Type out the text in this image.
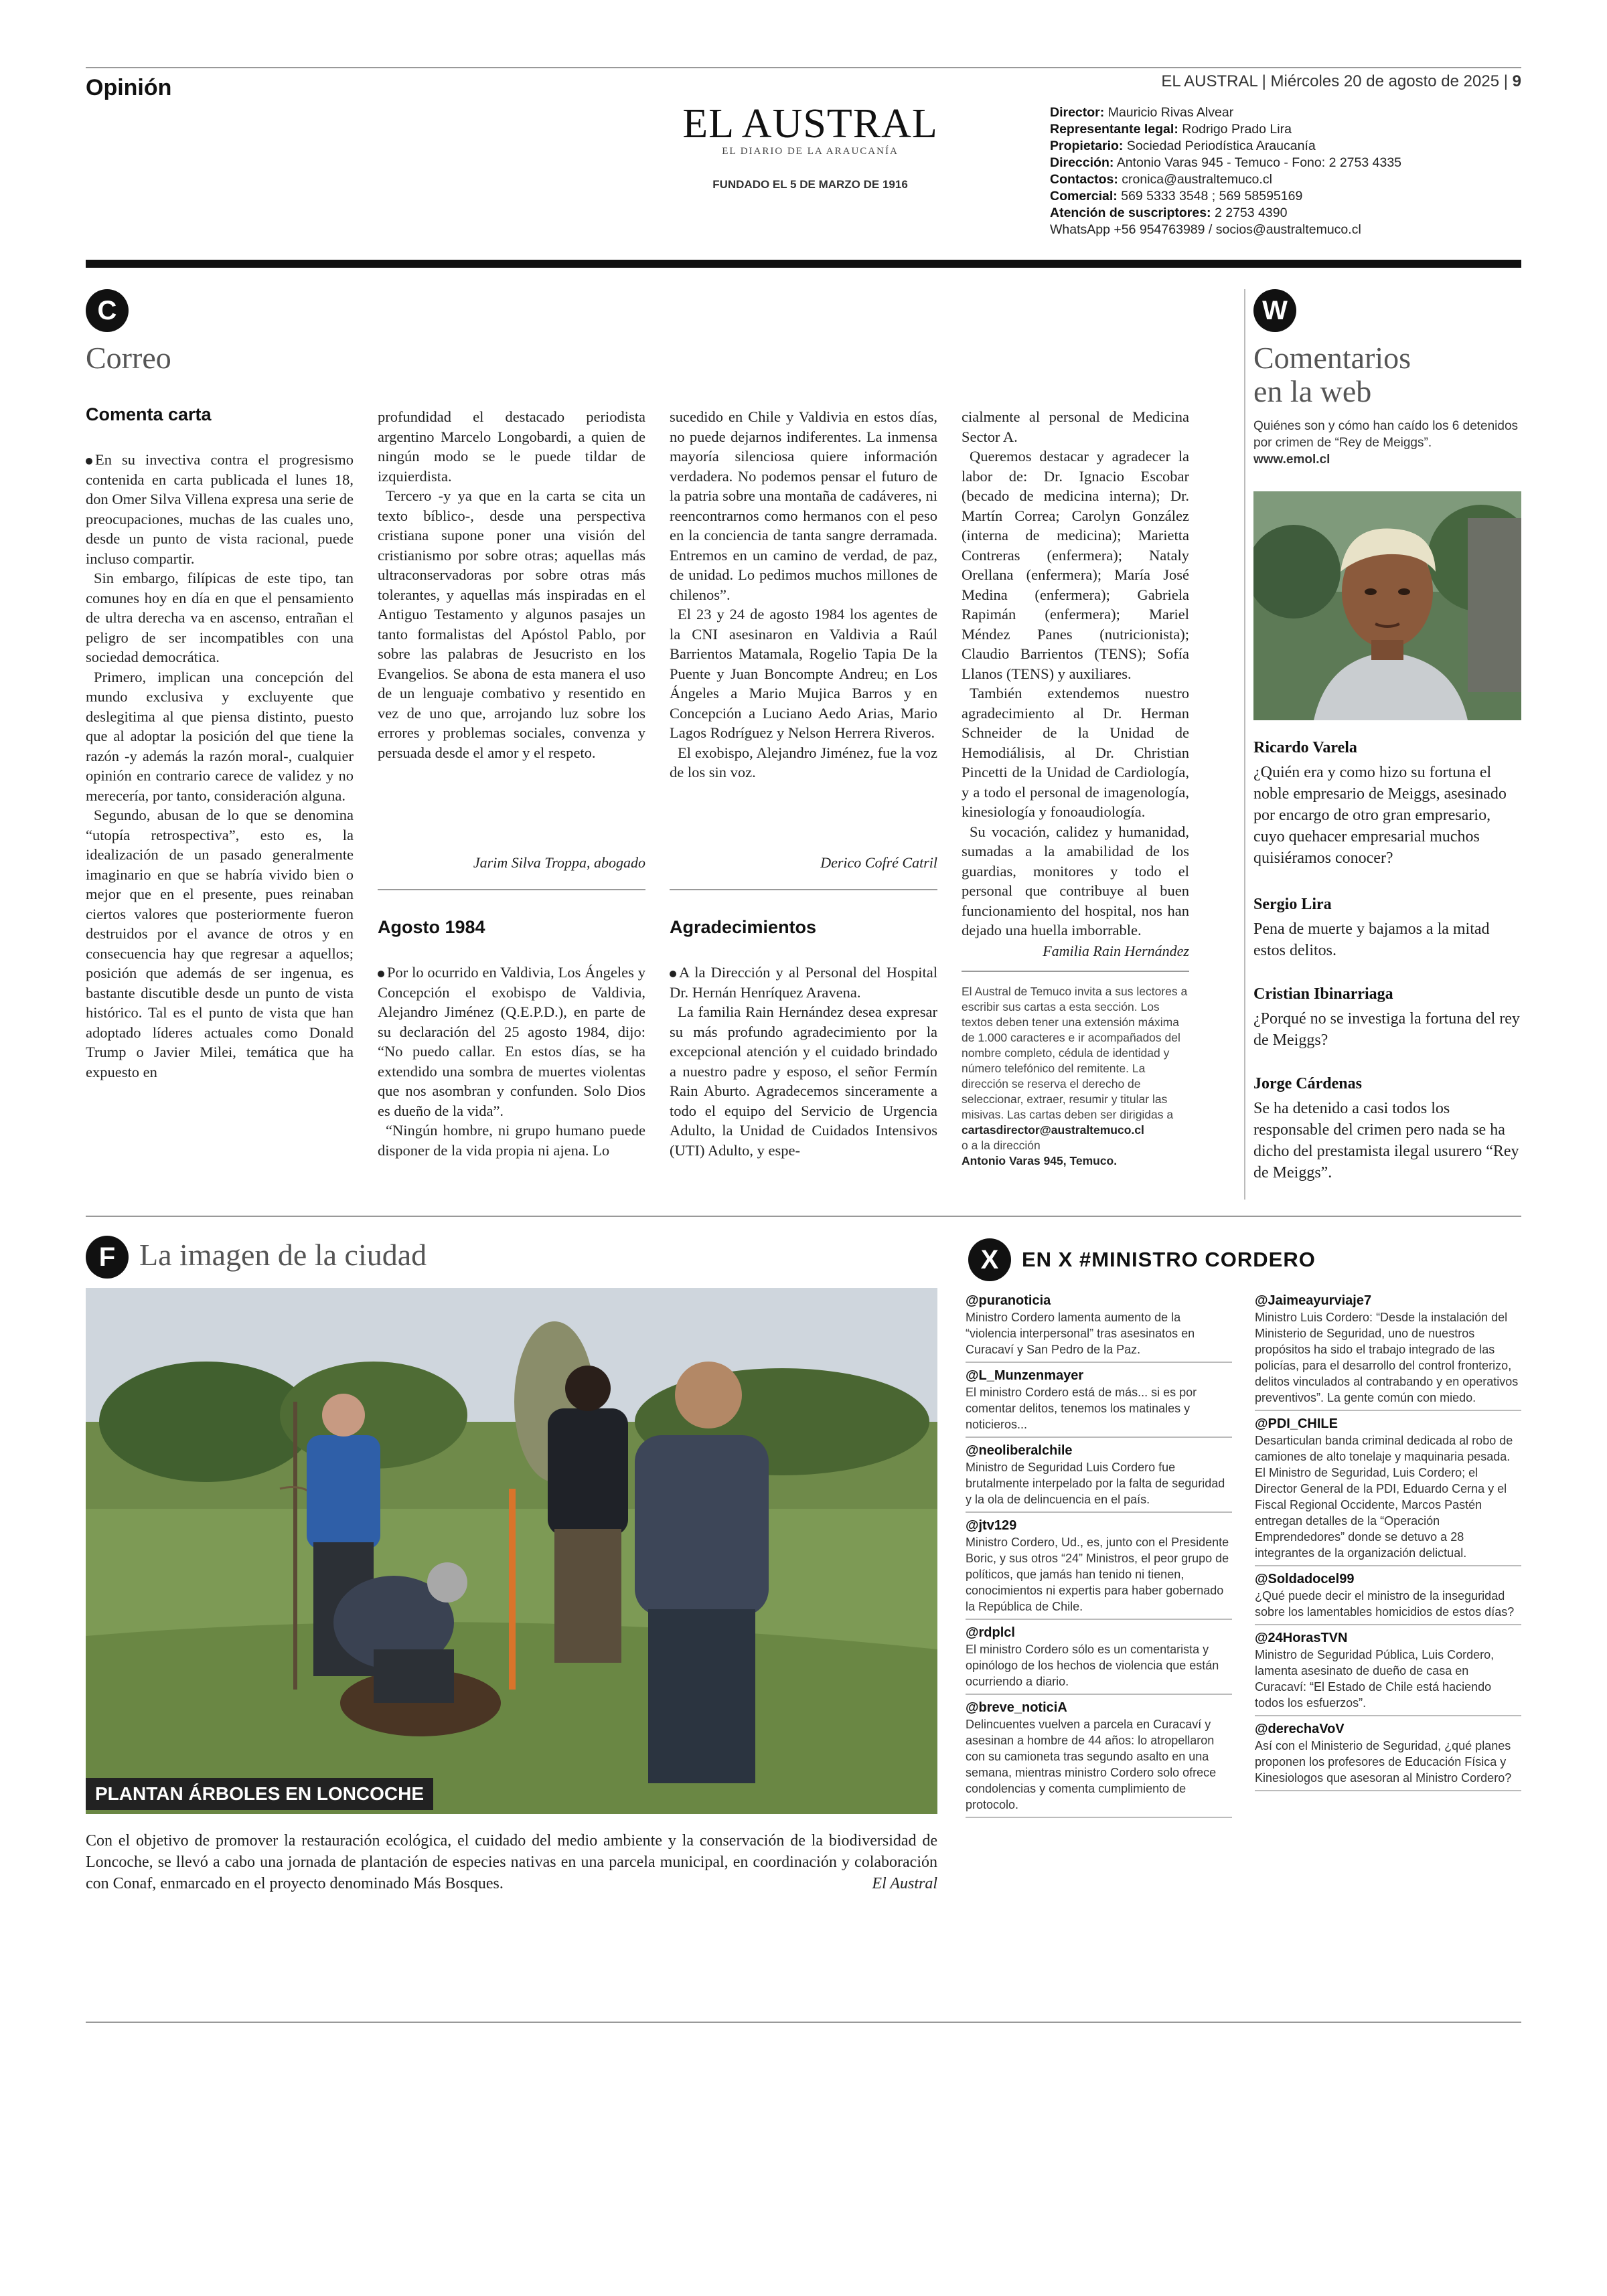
Opinión	EL AUSTRAL | Miércoles 20 de agosto de 2025 | 9
EL AUSTRAL
EL DIARIO DE LA ARAUCANÍA
FUNDADO EL 5 DE MARZO DE 1916
Director: Mauricio Rivas Alvear
Representante legal: Rodrigo Prado Lira
Propietario: Sociedad Periodística Araucanía
Dirección: Antonio Varas 945 - Temuco - Fono: 2 2753 4335
Contactos: cronica@australtemuco.cl
Comercial: 569 5333 3548 ; 569 58595169
Atención de suscriptores: 2 2753 4390
WhatsApp +56 954763989 / socios@australtemuco.cl
C
Correo
Comenta carta

En su invectiva contra el progresismo contenida en carta publicada el lunes 18, don Omer Silva Villena expresa una serie de preocupaciones, muchas de las cuales uno, desde un punto de vista racional, puede incluso compartir.

Sin embargo, filípicas de este tipo, tan comunes hoy en día en que el pensamiento de ultra derecha va en ascenso, entrañan el peligro de ser incompatibles con una sociedad democrática.

Primero, implican una concepción del mundo exclusiva y excluyente que deslegitima al que piensa distinto, puesto que al adoptar la posición del que tiene la razón -y además la razón moral-, cualquier opinión en contrario carece de validez y no merecería, por tanto, consideración alguna.

Segundo, abusan de lo que se denomina “utopía retrospectiva”, esto es, la idealización de un pasado generalmente imaginario en que se habría vivido bien o mejor que en el presente, pues reinaban ciertos valores que posteriormente fueron destruidos por el avance de otros y en consecuencia hay que regresar a aquellos; posición que además de ser ingenua, es bastante discutible desde un punto de vista histórico. Tal es el punto de vista que han adoptado líderes actuales como Donald Trump o Javier Milei, temática que ha expuesto en

profundidad el destacado periodista argentino Marcelo Longobardi, a quien de ningún modo se le puede tildar de izquierdista.

Tercero -y ya que en la carta se cita un texto bíblico-, desde una perspectiva cristiana supone poner una visión del cristianismo por sobre otras; aquellas más ultraconservadoras por sobre otras más tolerantes, y aquellas más inspiradas en el Antiguo Testamento y algunos pasajes un tanto formalistas del Apóstol Pablo, por sobre las palabras de Jesucristo en los Evangelios. Se abona de esta manera el uso de un lenguaje combativo y resentido en vez de uno que, arrojando luz sobre los errores y problemas sociales, convenza y persuada desde el amor y el respeto.

Jarim Silva Troppa, abogado
Agosto 1984

Por lo ocurrido en Valdivia, Los Ángeles y Concepción el exobispo de Valdivia, Alejandro Jiménez (Q.E.P.D.), en parte de su declaración del 25 agosto 1984, dijo: “No puedo callar. En estos días, se ha extendido una sombra de muertes violentas que nos asombran y confunden. Solo Dios es dueño de la vida”.

“Ningún hombre, ni grupo humano puede disponer de la vida propia ni ajena. Lo

sucedido en Chile y Valdivia en estos días, no puede dejarnos indiferentes. La inmensa mayoría silenciosa quiere información verdadera. No podemos pensar el futuro de la patria sobre una montaña de cadáveres, ni reencontrarnos como hermanos con el peso en la conciencia de tanta sangre derramada. Entremos en un camino de verdad, de paz, de unidad. Lo pedimos muchos millones de chilenos”.

El 23 y 24 de agosto 1984 los agentes de la CNI asesinaron en Valdivia a Raúl Barrientos Matamala, Rogelio Tapia De la Puente y Juan Boncompte Andreu; en Los Ángeles a Mario Mujica Barros y en Concepción a Luciano Aedo Arias, Mario Lagos Rodríguez y Nelson Herrera Riveros.

El exobispo, Alejandro Jiménez, fue la voz de los sin voz.

Derico Cofré Catril
Agradecimientos

A la Dirección y al Personal del Hospital Dr. Hernán Henríquez Aravena.

La familia Rain Hernández desea expresar su más profundo agradecimiento por la excepcional atención y el cuidado brindado a nuestro padre y esposo, el señor Fermín Rain Aburto. Agradecemos sinceramente a todo el equipo del Servicio de Urgencia Adulto, la Unidad de Cuidados Intensivos (UTI) Adulto, y espe-

cialmente al personal de Medicina Sector A.

Queremos destacar y agradecer la labor de: Dr. Ignacio Escobar (becado de medicina interna); Dr. Martín Correa; Carolyn González (interna de medicina); Marietta Contreras (enfermera); Nataly Orellana (enfermera); María José Medina (enfermera); Gabriela Rapimán (enfermera); Mariel Méndez Panes (nutricionista); Claudio Barrientos (TENS); Sofía Llanos (TENS) y auxiliares.

También extendemos nuestro agradecimiento al Dr. Herman Schneider de la Unidad de Hemodiálisis, al Dr. Christian Pincetti de la Unidad de Cardiología, y a todo el personal de imagenología, kinesiología y fonoaudiología.

Su vocación, calidez y humanidad, sumadas a la amabilidad de los guardias, monitores y todo el personal que contribuye al buen funcionamiento del hospital, nos han dejado una huella imborrable.

Familia Rain Hernández
El Austral de Temuco invita a sus lectores a escribir sus cartas a esta sección. Los textos deben tener una extensión máxima de 1.000 caracteres e ir acompañados del nombre completo, cédula de identidad y número telefónico del remitente. La dirección se reserva el derecho de seleccionar, extraer, resumir y titular las misivas. Las cartas deben ser dirigidas a
cartasdirector@australtemuco.cl
o a la dirección
Antonio Varas 945, Temuco.
W
Comentarios
en la web
Quiénes son y cómo han caído los 6 detenidos por crimen de “Rey de Meiggs”.
www.emol.cl
Ricardo Varela
¿Quién era y como hizo su fortuna el noble empresario de Meiggs, asesinado por encargo de otro gran empresario, cuyo quehacer empresarial muchos quisiéramos conocer?
Sergio Lira
Pena de muerte y bajamos a la mitad estos delitos.
Cristian Ibinarriaga
¿Porqué no se investiga la fortuna del rey de Meiggs?
Jorge Cárdenas
Se ha detenido a casi todos los responsable del crimen pero nada se ha dicho del prestamista ilegal usurero “Rey de Meiggs”.
F La imagen de la ciudad
PLANTAN ÁRBOLES EN LONCOCHE
Con el objetivo de promover la restauración ecológica, el cuidado del medio ambiente y la conservación de la biodiversidad de Loncoche, se llevó a cabo una jornada de plantación de especies nativas en una parcela municipal, en coordinación y colaboración con Conaf, enmarcado en el proyecto denominado Más Bosques.	El Austral
X	EN X #MINISTRO CORDERO
@puranoticia
Ministro Cordero lamenta aumento de la “violencia interpersonal” tras asesinatos en Curacaví y San Pedro de la Paz.
@L_Munzenmayer
El ministro Cordero está de más... si es por comentar delitos, tenemos los matinales y noticieros...
@neoliberalchile
Ministro de Seguridad Luis Cordero fue brutalmente interpelado por la falta de seguridad y la ola de delincuencia en el país.
@jtv129
Ministro Cordero, Ud., es, junto con el Presidente Boric, y sus otros “24” Ministros, el peor grupo de políticos, que jamás han tenido ni tienen, conocimientos ni expertis para haber gobernado la República de Chile.
@rdplcl
El ministro Cordero sólo es un comentarista y opinólogo de los hechos de violencia que están ocurriendo a diario.
@breve_noticiA
Delincuentes vuelven a parcela en Curacaví y asesinan a hombre de 44 años: lo atropellaron con su camioneta tras segundo asalto en una semana, mientras ministro Cordero solo ofrece condolencias y comenta cumplimiento de protocolo.
@Jaimeayurviaje7
Ministro Luis Cordero: “Desde la instalación del Ministerio de Seguridad, uno de nuestros propósitos ha sido el trabajo integrado de las policías, para el desarrollo del control fronterizo, delitos vinculados al contrabando y en operativos preventivos”. La gente común con miedo.
@PDI_CHILE
Desarticulan banda criminal dedicada al robo de camiones de alto tonelaje y maquinaria pesada. El Ministro de Seguridad, Luis Cordero; el Director General de la PDI, Eduardo Cerna y el Fiscal Regional Occidente, Marcos Pastén entregan detalles de la “Operación Emprendedores” donde se detuvo a 28 integrantes de la organización delictual.
@Soldadocel99
¿Qué puede decir el ministro de la inseguridad sobre los lamentables homicidios de estos días?
@24HorasTVN
Ministro de Seguridad Pública, Luis Cordero, lamenta asesinato de dueño de casa en Curacaví: “El Estado de Chile está haciendo todos los esfuerzos”.
@derechaVoV
Así con el Ministerio de Seguridad, ¿qué planes proponen los profesores de Educación Física y Kinesiologos que asesoran al Ministro Cordero?
